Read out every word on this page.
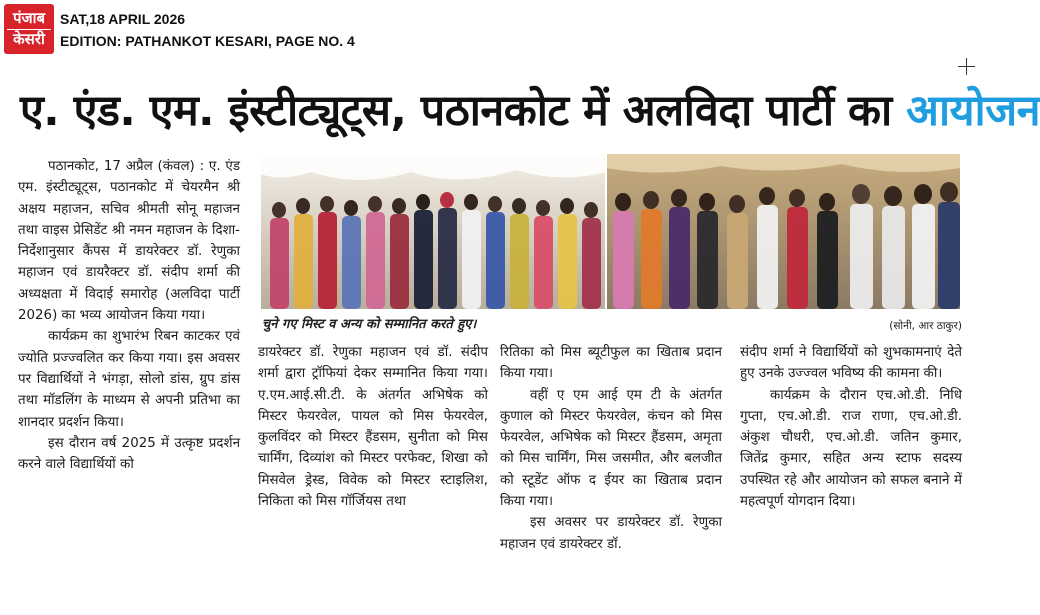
पंजाब
केसरी
SAT,18 APRIL 2026
EDITION: PATHANKOT KESARI, PAGE NO. 4
ए. एंड. एम. इंस्टीट्यूट्स, पठानकोट में अलविदा पार्टी का आयोजन

पठानकोट, 17 अप्रैल (कंवल) : ए. एंड एम. इंस्टीट्यूट्स, पठानकोट में चेयरमैन श्री अक्षय महाजन, सचिव श्रीमती सोनू महाजन तथा वाइस प्रेसिडेंट श्री नमन महाजन के दिशा-निर्देशानुसार कैंपस में डायरेक्टर डॉ. रेणुका महाजन एवं डायरैक्टर डॉ. संदीप शर्मा की अध्यक्षता में विदाई समारोह (अलविदा पार्टी 2026) का भव्य आयोजन किया गया।

कार्यक्रम का शुभारंभ रिबन काटकर एवं ज्योति प्रज्ज्वलित कर किया गया। इस अवसर पर विद्यार्थियों ने भंगड़ा, सोलो डांस, ग्रुप डांस तथा मॉडलिंग के माध्यम से अपनी प्रतिभा का शानदार प्रदर्शन किया।

इस दौरान वर्ष 2025 में उत्कृष्ट प्रदर्शन करने वाले विद्यार्थियों को

चुने गए मिस्ट व अन्य को सम्मानित करते हुए।	(सोनी, आर ठाकुर)

डायरेक्टर डॉ. रेणुका महाजन एवं डॉ. संदीप शर्मा द्वारा ट्रॉफियां देकर सम्मानित किया गया। ए.एम.आई.सी.टी. के अंतर्गत अभिषेक को मिस्टर फेयरवेल, पायल को मिस फेयरवेल, कुलविंदर को मिस्टर हैंडसम, सुनीता को मिस चार्मिंग, दिव्यांश को मिस्टर परफेक्ट, शिखा को मिसवेल ड्रेस्ड, विवेक को मिस्टर स्टाइलिश, निकिता को मिस गॉर्जियस तथा

रितिका को मिस ब्यूटीफुल का खिताब प्रदान किया गया।

वहीं ए एम आई एम टी के अंतर्गत कुणाल को मिस्टर फेयरवेल, कंचन को मिस फेयरवेल, अभिषेक को मिस्टर हैंडसम, अमृता को मिस चार्मिंग, मिस जसमीत, और बलजीत को स्टूडेंट ऑफ द ईयर का खिताब प्रदान किया गया।

इस अवसर पर डायरेक्टर डॉ. रेणुका महाजन एवं डायरेक्टर डॉ.

संदीप शर्मा ने विद्यार्थियों को शुभकामनाएं देते हुए उनके उज्ज्वल भविष्य की कामना की।

कार्यक्रम के दौरान एच.ओ.डी. निधि गुप्ता, एच.ओ.डी. राज राणा, एच.ओ.डी. अंकुश चौधरी, एच.ओ.डी. जतिन कुमार, जितेंद्र कुमार, सहित अन्य स्टाफ सदस्य उपस्थित रहे और आयोजन को सफल बनाने में महत्वपूर्ण योगदान दिया।
